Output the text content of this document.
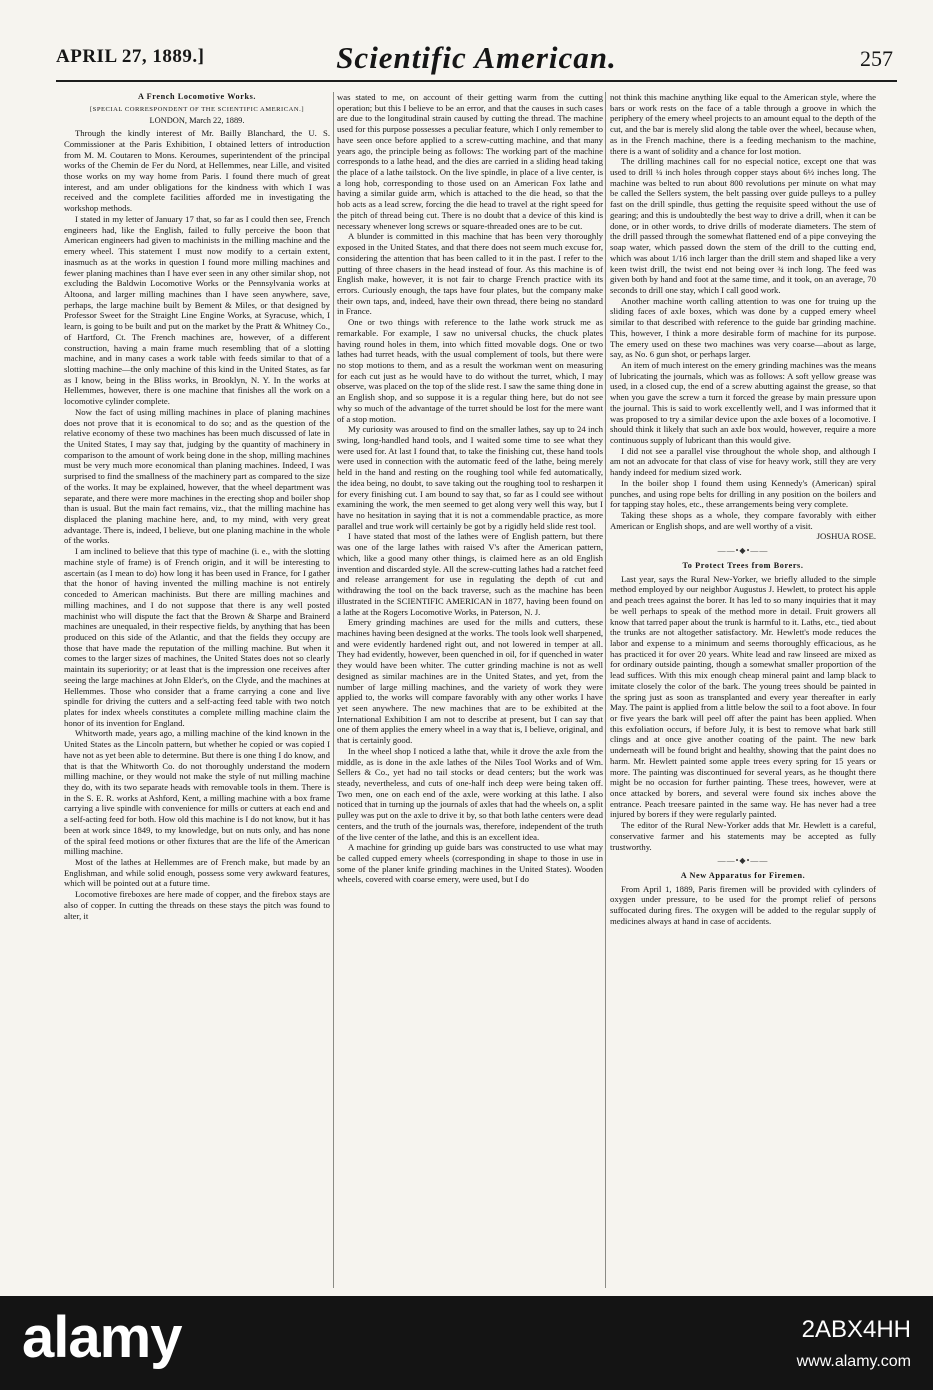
APRIL 27, 1889.]	Scientific American.	257
A French Locomotive Works.
[SPECIAL CORRESPONDENT OF THE SCIENTIFIC AMERICAN.]
LONDON, March 22, 1889.

Through the kindly interest of Mr. Bailly Blanchard, the U. S. Commissioner at the Paris Exhibition, I obtained letters of introduction from M. M. Coutaren to Mons. Keroumes, superintendent of the principal works of the Chemin de Fer du Nord, at Hellemmes, near Lille, and visited those works on my way home from Paris. I found there much of great interest, and am under obligations for the kindness with which I was received and the complete facilities afforded me in investigating the workshop methods.

I stated in my letter of January 17 that, so far as I could then see, French engineers had, like the English, failed to fully perceive the boon that American engineers had given to machinists in the milling machine and the emery wheel. This statement I must now modify to a certain extent, inasmuch as at the works in question I found more milling machines and fewer planing machines than I have ever seen in any other similar shop, not excluding the Baldwin Locomotive Works or the Pennsylvania works at Altoona, and larger milling machines than I have seen anywhere, save, perhaps, the large machine built by Bement & Miles, or that designed by Professor Sweet for the Straight Line Engine Works, at Syracuse, which, I learn, is going to be built and put on the market by the Pratt & Whitney Co., of Hartford, Ct. The French machines are, however, of a different construction, having a main frame much resembling that of a slotting machine, and in many cases a work table with feeds similar to that of a slotting machine—the only machine of this kind in the United States, as far as I know, being in the Bliss works, in Brooklyn, N. Y. In the works at Hellemmes, however, there is one machine that finishes all the work on a locomotive cylinder complete.

Now the fact of using milling machines in place of planing machines does not prove that it is economical to do so; and as the question of the relative economy of these two machines has been much discussed of late in the United States, I may say that, judging by the quantity of machinery in comparison to the amount of work being done in the shop, milling machines must be very much more economical than planing machines. Indeed, I was surprised to find the smallness of the machinery part as compared to the size of the works. It may be explained, however, that the wheel department was separate, and there were more machines in the erecting shop and boiler shop than is usual. But the main fact remains, viz., that the milling machine has displaced the planing machine here, and, to my mind, with very great advantage. There is, indeed, I believe, but one planing machine in the whole of the works.

I am inclined to believe that this type of machine (i. e., with the slotting machine style of frame) is of French origin, and it will be interesting to ascertain (as I mean to do) how long it has been used in France, for I gather that the honor of having invented the milling machine is not entirely conceded to American machinists. But there are milling machines and milling machines, and I do not suppose that there is any well posted machinist who will dispute the fact that the Brown & Sharpe and Brainerd machines are unequaled, in their respective fields, by anything that has been produced on this side of the Atlantic, and that the fields they occupy are those that have made the reputation of the milling machine. But when it comes to the larger sizes of machines, the United States does not so clearly maintain its superiority; or at least that is the impression one receives after seeing the large machines at John Elder's, on the Clyde, and the machines at Hellemmes. Those who consider that a frame carrying a cone and live spindle for driving the cutters and a self-acting feed table with two notch plates for index wheels constitutes a complete milling machine claim the honor of its invention for England.

Whitworth made, years ago, a milling machine of the kind known in the United States as the Lincoln pattern, but whether he copied or was copied I have not as yet been able to determine. But there is one thing I do know, and that is that the Whitworth Co. do not thoroughly understand the modern milling machine, or they would not make the style of nut milling machine they do, with its two separate heads with removable tools in them. There is in the S. E. R. works at Ashford, Kent, a milling machine with a box frame carrying a live spindle with convenience for mills or cutters at each end and a self-acting feed for both. How old this machine is I do not know, but it has been at work since 1849, to my knowledge, but on nuts only, and has none of the spiral feed motions or other fixtures that are the life of the American milling machine.

Most of the lathes at Hellemmes are of French make, but made by an Englishman, and while solid enough, possess some very awkward features, which will be pointed out at a future time.

Locomotive fireboxes are here made of copper, and the firebox stays are also of copper. In cutting the threads on these stays the pitch was found to alter, it

was stated to me, on account of their getting warm from the cutting operation; but this I believe to be an error, and that the causes in such cases are due to the longitudinal strain caused by cutting the thread. The machine used for this purpose possesses a peculiar feature, which I only remember to have seen once before applied to a screw-cutting machine, and that many years ago, the principle being as follows: The working part of the machine corresponds to a lathe head, and the dies are carried in a sliding head taking the place of a lathe tailstock. On the live spindle, in place of a live center, is a long hob, corresponding to those used on an American Fox lathe and having a similar guide arm, which is attached to the die head, so that the hob acts as a lead screw, forcing the die head to travel at the right speed for the pitch of thread being cut. There is no doubt that a device of this kind is necessary whenever long screws or square-threaded ones are to be cut.

A blunder is committed in this machine that has been very thoroughly exposed in the United States, and that there does not seem much excuse for, considering the attention that has been called to it in the past. I refer to the putting of three chasers in the head instead of four. As this machine is of English make, however, it is not fair to charge French practice with its errors. Curiously enough, the taps have four plates, but the company make their own taps, and, indeed, have their own thread, there being no standard in France.

One or two things with reference to the lathe work struck me as remarkable. For example, I saw no universal chucks, the chuck plates having round holes in them, into which fitted movable dogs. One or two lathes had turret heads, with the usual complement of tools, but there were no stop motions to them, and as a result the workman went on measuring for each cut just as he would have to do without the turret, which, I may observe, was placed on the top of the slide rest. I saw the same thing done in an English shop, and so suppose it is a regular thing here, but do not see why so much of the advantage of the turret should be lost for the mere want of a stop motion.

My curiosity was aroused to find on the smaller lathes, say up to 24 inch swing, long-handled hand tools, and I waited some time to see what they were used for. At last I found that, to take the finishing cut, these hand tools were used in connection with the automatic feed of the lathe, being merely held in the hand and resting on the roughing tool while fed automatically, the idea being, no doubt, to save taking out the roughing tool to resharpen it for every finishing cut. I am bound to say that, so far as I could see without examining the work, the men seemed to get along very well this way, but I have no hesitation in saying that it is not a commendable practice, as more parallel and true work will certainly be got by a rigidly held slide rest tool.

I have stated that most of the lathes were of English pattern, but there was one of the large lathes with raised V's after the American pattern, which, like a good many other things, is claimed here as an old English invention and discarded style. All the screw-cutting lathes had a ratchet feed and release arrangement for use in regulating the depth of cut and withdrawing the tool on the back traverse, such as the machine has been illustrated in the SCIENTIFIC AMERICAN in 1877, having been found on a lathe at the Rogers Locomotive Works, in Paterson, N. J.

Emery grinding machines are used for the mills and cutters, these machines having been designed at the works. The tools look well sharpened, and were evidently hardened right out, and not lowered in temper at all. They had evidently, however, been quenched in oil, for if quenched in water they would have been whiter. The cutter grinding machine is not as well designed as similar machines are in the United States, and yet, from the number of large milling machines, and the variety of work they were applied to, the works will compare favorably with any other works I have yet seen anywhere. The new machines that are to be exhibited at the International Exhibition I am not to describe at present, but I can say that one of them applies the emery wheel in a way that is, I believe, original, and that is certainly good.

In the wheel shop I noticed a lathe that, while it drove the axle from the middle, as is done in the axle lathes of the Niles Tool Works and of Wm. Sellers & Co., yet had no tail stocks or dead centers; but the work was steady, nevertheless, and cuts of one-half inch deep were being taken off. Two men, one on each end of the axle, were working at this lathe. I also noticed that in turning up the journals of axles that had the wheels on, a split pulley was put on the axle to drive it by, so that both lathe centers were dead centers, and the truth of the journals was, therefore, independent of the truth of the live center of the lathe, and this is an excellent idea.

A machine for grinding up guide bars was constructed to use what may be called cupped emery wheels (corresponding in shape to those in use in some of the planer knife grinding machines in the United States). Wooden wheels, covered with coarse emery, were used, but I do

not think this machine anything like equal to the American style, where the bars or work rests on the face of a table through a groove in which the periphery of the emery wheel projects to an amount equal to the depth of the cut, and the bar is merely slid along the table over the wheel, because when, as in the French machine, there is a feeding mechanism to the machine, there is a want of solidity and a chance for lost motion.

The drilling machines call for no especial notice, except one that was used to drill ¼ inch holes through copper stays about 6½ inches long. The machine was belted to run about 800 revolutions per minute on what may be called the Sellers system, the belt passing over guide pulleys to a pulley fast on the drill spindle, thus getting the requisite speed without the use of gearing; and this is undoubtedly the best way to drive a drill, when it can be done, or in other words, to drive drills of moderate diameters. The stem of the drill passed through the somewhat flattened end of a pipe conveying the soap water, which passed down the stem of the drill to the cutting end, which was about 1/16 inch larger than the drill stem and shaped like a very keen twist drill, the twist end not being over ¾ inch long. The feed was given both by hand and foot at the same time, and it took, on an average, 70 seconds to drill one stay, which I call good work.

Another machine worth calling attention to was one for truing up the sliding faces of axle boxes, which was done by a cupped emery wheel similar to that described with reference to the guide bar grinding machine. This, however, I think a more desirable form of machine for its purpose. The emery used on these two machines was very coarse—about as large, say, as No. 6 gun shot, or perhaps larger.

An item of much interest on the emery grinding machines was the means of lubricating the journals, which was as follows: A soft yellow grease was used, in a closed cup, the end of a screw abutting against the grease, so that when you gave the screw a turn it forced the grease by main pressure upon the journal. This is said to work excellently well, and I was informed that it was proposed to try a similar device upon the axle boxes of a locomotive. I should think it likely that such an axle box would, however, require a more continuous supply of lubricant than this would give.

I did not see a parallel vise throughout the whole shop, and although I am not an advocate for that class of vise for heavy work, still they are very handy indeed for medium sized work.

In the boiler shop I found them using Kennedy's (American) spiral punches, and using rope belts for drilling in any position on the boilers and for tapping stay holes, etc., these arrangements being very complete.

Taking these shops as a whole, they compare favorably with either American or English shops, and are well worthy of a visit.

JOSHUA ROSE.
——•◆•——
To Protect Trees from Borers.

Last year, says the Rural New-Yorker, we briefly alluded to the simple method employed by our neighbor Augustus J. Hewlett, to protect his apple and peach trees against the borer. It has led to so many inquiries that it may be well perhaps to speak of the method more in detail. Fruit growers all know that tarred paper about the trunk is harmful to it. Laths, etc., tied about the trunks are not altogether satisfactory. Mr. Hewlett's mode reduces the labor and expense to a minimum and seems thoroughly efficacious, as he has practiced it for over 20 years. White lead and raw linseed are mixed as for ordinary outside painting, though a somewhat smaller proportion of the lead suffices. With this mix enough cheap mineral paint and lamp black to imitate closely the color of the bark. The young trees should be painted in the spring just as soon as transplanted and every year thereafter in early May. The paint is applied from a little below the soil to a foot above. In four or five years the bark will peel off after the paint has been applied. When this exfoliation occurs, if before July, it is best to remove what bark still clings and at once give another coating of the paint. The new bark underneath will be found bright and healthy, showing that the paint does no harm. Mr. Hewlett painted some apple trees every spring for 15 years or more. The painting was discontinued for several years, as he thought there might be no occasion for further painting. These trees, however, were at once attacked by borers, and several were found six inches above the entrance. Peach treesare painted in the same way. He has never had a tree injured by borers if they were regularly painted.

The editor of the Rural New-Yorker adds that Mr. Hewlett is a careful, conservative farmer and his statements may be accepted as fully trustworthy.

——•◆•——
A New Apparatus for Firemen.

From April 1, 1889, Paris firemen will be provided with cylinders of oxygen under pressure, to be used for the prompt relief of persons suffocated during fires. The oxygen will be added to the regular supply of medicines always at hand in case of accidents.

alamy	2ABX4HH
www.alamy.com
